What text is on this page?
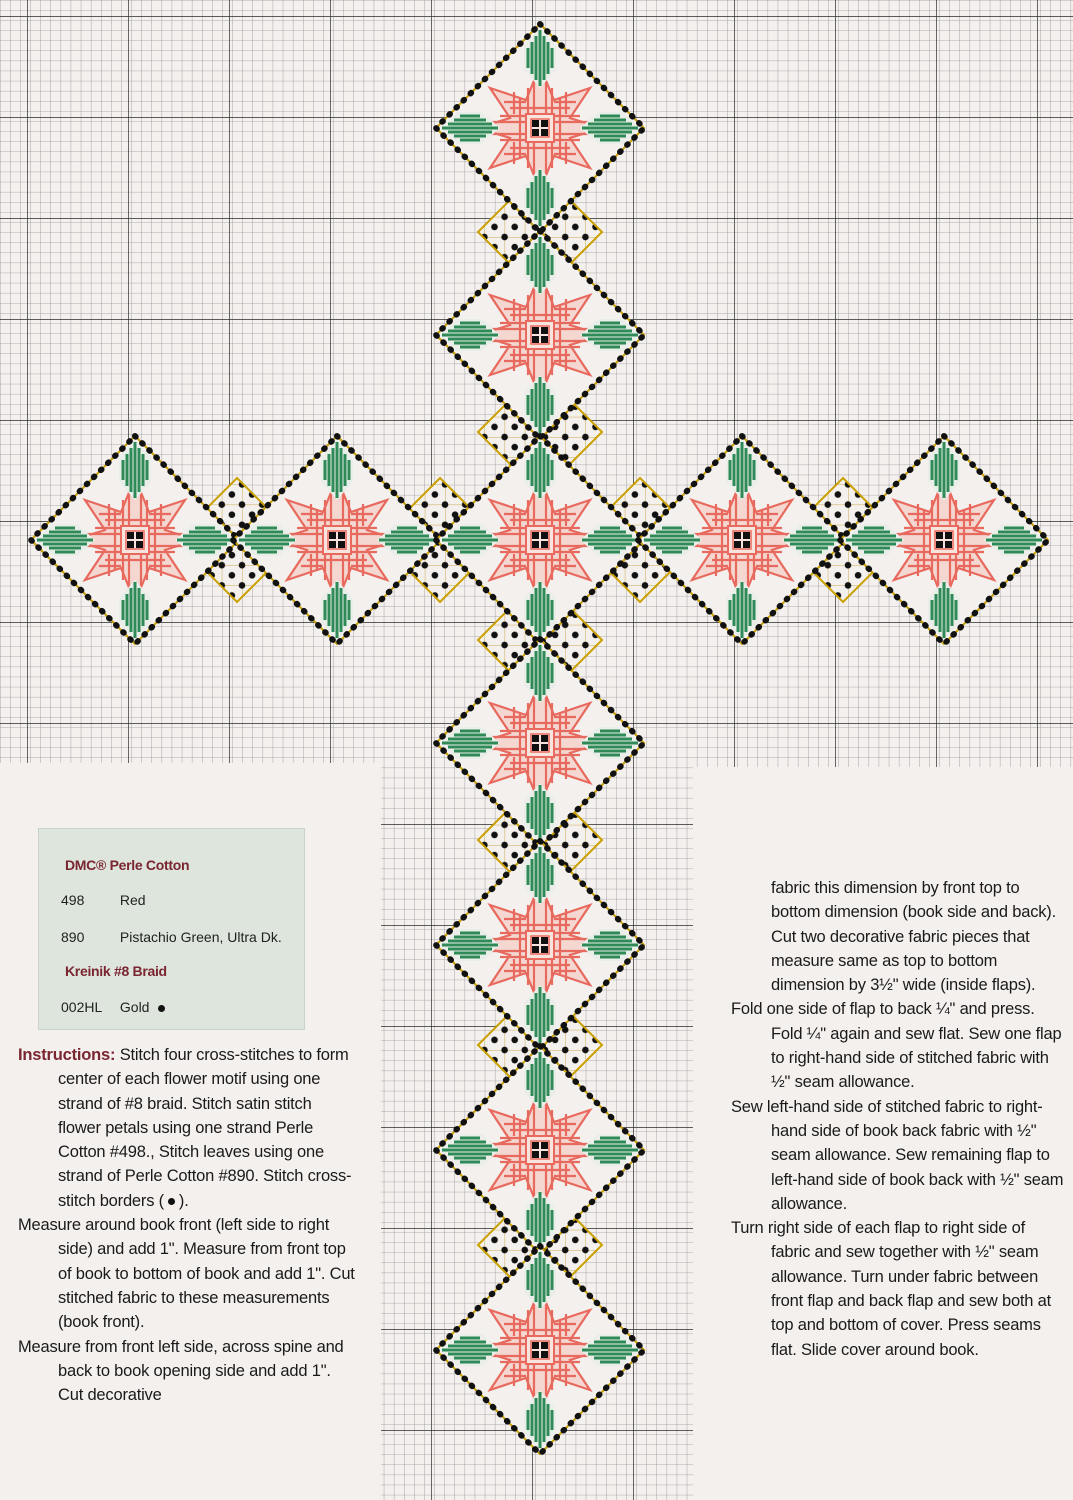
DMC® Perle Cotton
498	Red
890	Pistachio Green, Ultra Dk.
Kreinik #8 Braid
002HL Gold

Instructions: Stitch four cross-stitches to form center of each flower motif using one strand of #8 braid. Stitch satin stitch flower petals using one strand Perle Cotton #498., Stitch leaves using one strand of Perle Cotton #890. Stitch cross-stitch borders ( ).

Measure around book front (left side to right side) and add 1". Measure from front top of book to bottom of book and add 1". Cut stitched fabric to these measurements (book front).

Measure from front left side, across spine and back to book opening side and add 1". Cut decorative

fabric this dimension by front top to bottom dimension (book side and back). Cut two decorative fabric pieces that measure same as top to bottom dimension by 3½" wide (inside flaps).

Fold one side of flap to back ¼" and press. Fold ¼" again and sew flat. Sew one flap to right-hand side of stitched fabric with ½" seam allowance.

Sew left-hand side of stitched fabric to right-hand side of book back fabric with ½" seam allowance. Sew remaining flap to left-hand side of book back with ½" seam allowance.

Turn right side of each flap to right side of fabric and sew together with ½" seam allowance. Turn under fabric between front flap and back flap and sew both at top and bottom of cover. Press seams flat. Slide cover around book.
